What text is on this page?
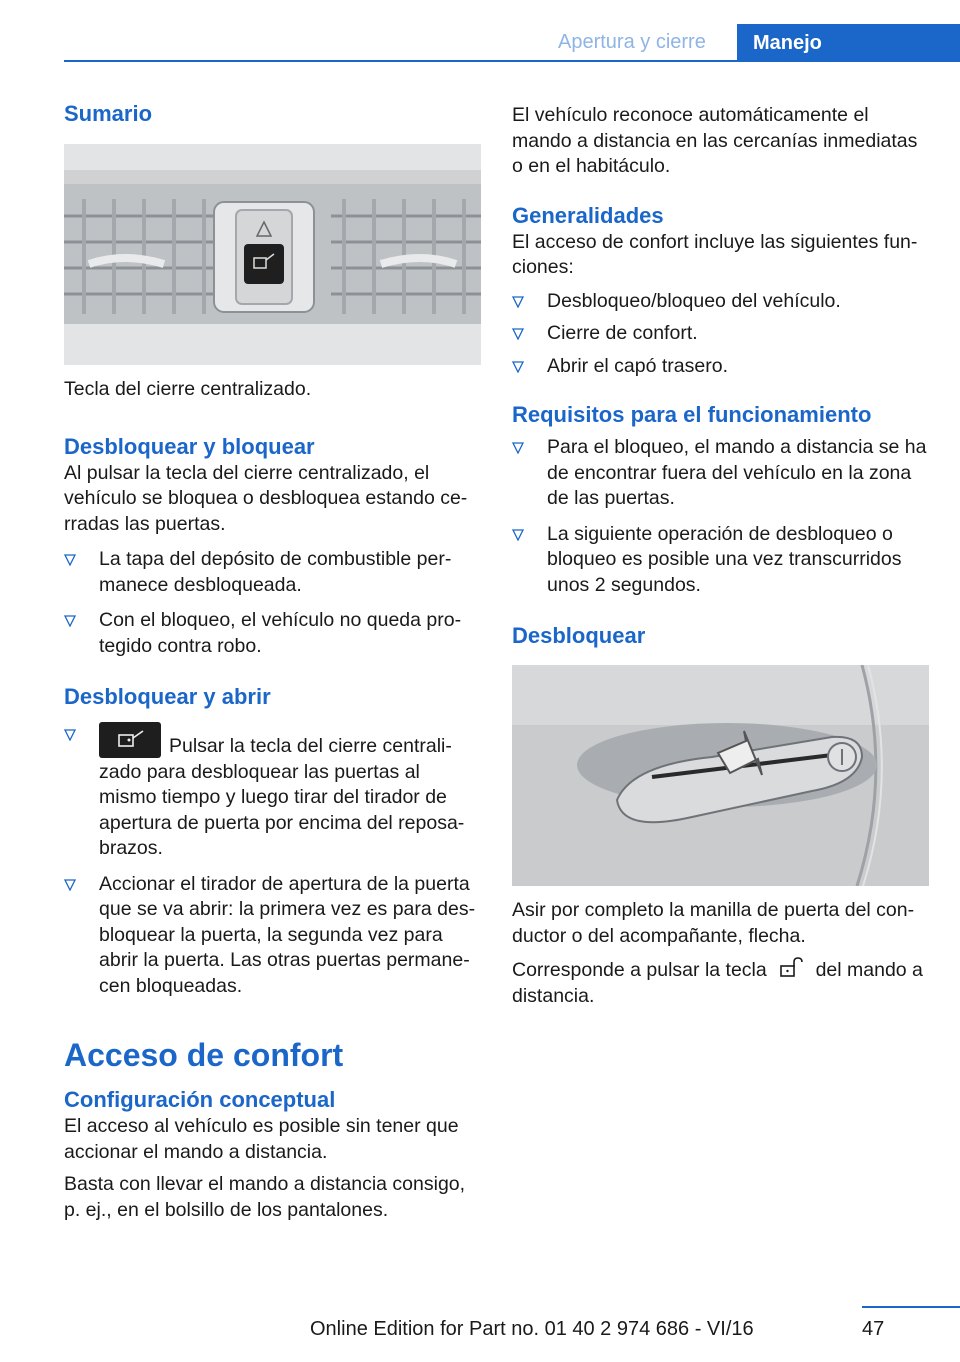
Apertura y cierre	Manejo
Sumario
Tecla del cierre centralizado.
Desbloquear y bloquear
Al pulsar la tecla del cierre centralizado, el vehículo se bloquea o desbloquea estando ce‐rradas las puertas.
La tapa del depósito de combustible per‐manece desbloqueada.
Con el bloqueo, el vehículo no queda pro‐tegido contra robo.
Desbloquear y abrir
Pulsar la tecla del cierre centrali‐zado para desbloquear las puertas al mismo tiempo y luego tirar del tirador de apertura de puerta por encima del reposa‐brazos.
Accionar el tirador de apertura de la puerta que se va abrir: la primera vez es para des‐bloquear la puerta, la segunda vez para abrir la puerta. Las otras puertas permane‐cen bloqueadas.
Acceso de confort
Configuración conceptual
El acceso al vehículo es posible sin tener que accionar el mando a distancia.
Basta con llevar el mando a distancia consigo, p. ej., en el bolsillo de los pantalones.
El vehículo reconoce automáticamente el mando a distancia en las cercanías inmediatas o en el habitáculo.
Generalidades
El acceso de confort incluye las siguientes fun‐ciones:
Desbloqueo/bloqueo del vehículo.
Cierre de confort.
Abrir el capó trasero.
Requisitos para el funcionamiento
Para el bloqueo, el mando a distancia se ha de encontrar fuera del vehículo en la zona de las puertas.
La siguiente operación de desbloqueo o bloqueo es posible una vez transcurridos unos 2 segundos.
Desbloquear
Asir por completo la manilla de puerta del con‐ductor o del acompañante, flecha.
Corresponde a pulsar la tecla	del mando a distancia.
47
Online Edition for Part no. 01 40 2 974 686 - VI/16
